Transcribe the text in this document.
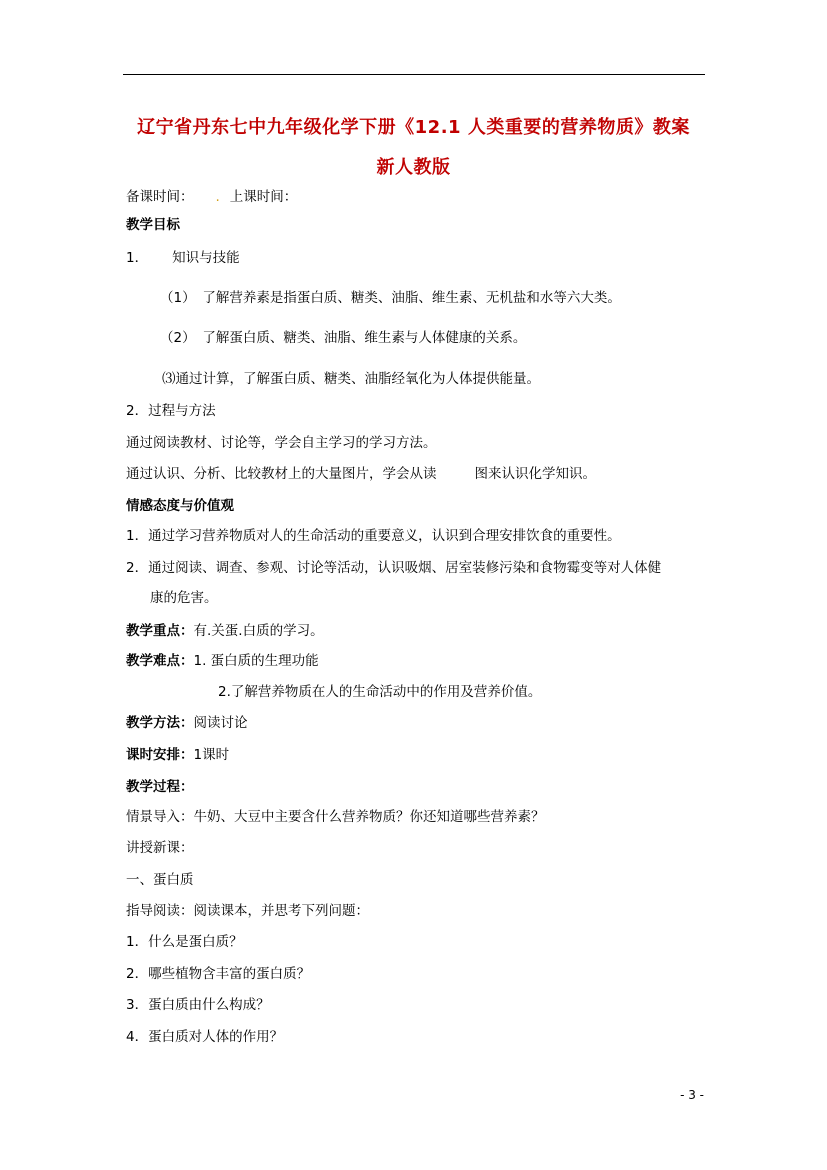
辽宁省丹东七中九年级化学下册《12.1 人类重要的营养物质》教案
新人教版
备课时间： . 上课时间：
教学目标
1． 知识与技能
（1）　了解营养素是指蛋白质、糖类、油脂、维生素、无机盐和水等六大类。
（2）　了解蛋白质、糖类、油脂、维生素与人体健康的关系。
⑶通过计算，了解蛋白质、糖类、油脂经氧化为人体提供能量。
2．过程与方法
通过阅读教材、讨论等，学会自主学习的学习方法。
通过认识、分析、比较教材上的大量图片，学会从读	图来认识化学知识。
情感态度与价值观
1．通过学习营养物质对人的生命活动的重要意义，认识到合理安排饮食的重要性。
2．通过阅读、调查、参观、讨论等活动，认识吸烟、居室装修污染和食物霉变等对人体健
康的危害。
教学重点：有.关蛋.白质的学习。
教学难点：1. 蛋白质的生理功能
2.了解营养物质在人的生命活动中的作用及营养价值。
教学方法：阅读讨论
课时安排：1课时
教学过程：
情景导入：牛奶、大豆中主要含什么营养物质？你还知道哪些营养素？
讲授新课：
一、蛋白质
指导阅读：阅读课本，并思考下列问题：
1．什么是蛋白质？
2．哪些植物含丰富的蛋白质？
3．蛋白质由什么构成？
4．蛋白质对人体的作用？
- 3 -
